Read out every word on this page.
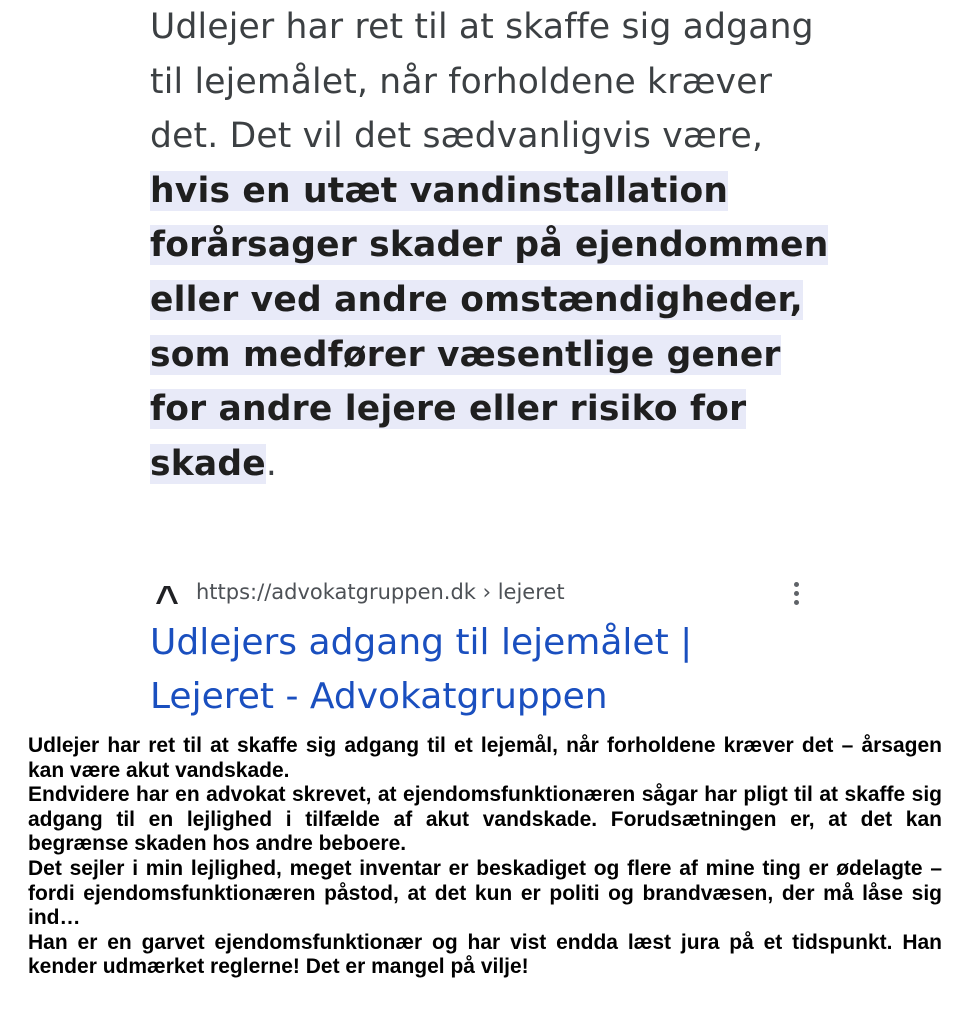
Udlejer har ret til at skaffe sig adgang til lejemålet, når forholdene kræver det. Det vil det sædvanligvis være, hvis en utæt vandinstallation forårsager skader på ejendommen eller ved andre omstændigheder, som medfører væsentlige gener for andre lejere eller risiko for skade.

https://advokatgruppen.dk › lejeret
Udlejers adgang til lejemålet | Lejeret - Advokatgruppen

Udlejer har ret til at skaffe sig adgang til et lejemål, når forholdene kræver det – årsagen kan være akut vandskade.

Endvidere har en advokat skrevet, at ejendomsfunktionæren sågar har pligt til at skaffe sig adgang til en lejlighed i tilfælde af akut vandskade. Forudsætningen er, at det kan begrænse skaden hos andre beboere.

Det sejler i min lejlighed, meget inventar er beskadiget og flere af mine ting er ødelagte – fordi ejendomsfunktionæren påstod, at det kun er politi og brandvæsen, der må låse sig ind…

Han er en garvet ejendomsfunktionær og har vist endda læst jura på et tidspunkt. Han kender udmærket reglerne! Det er mangel på vilje!
